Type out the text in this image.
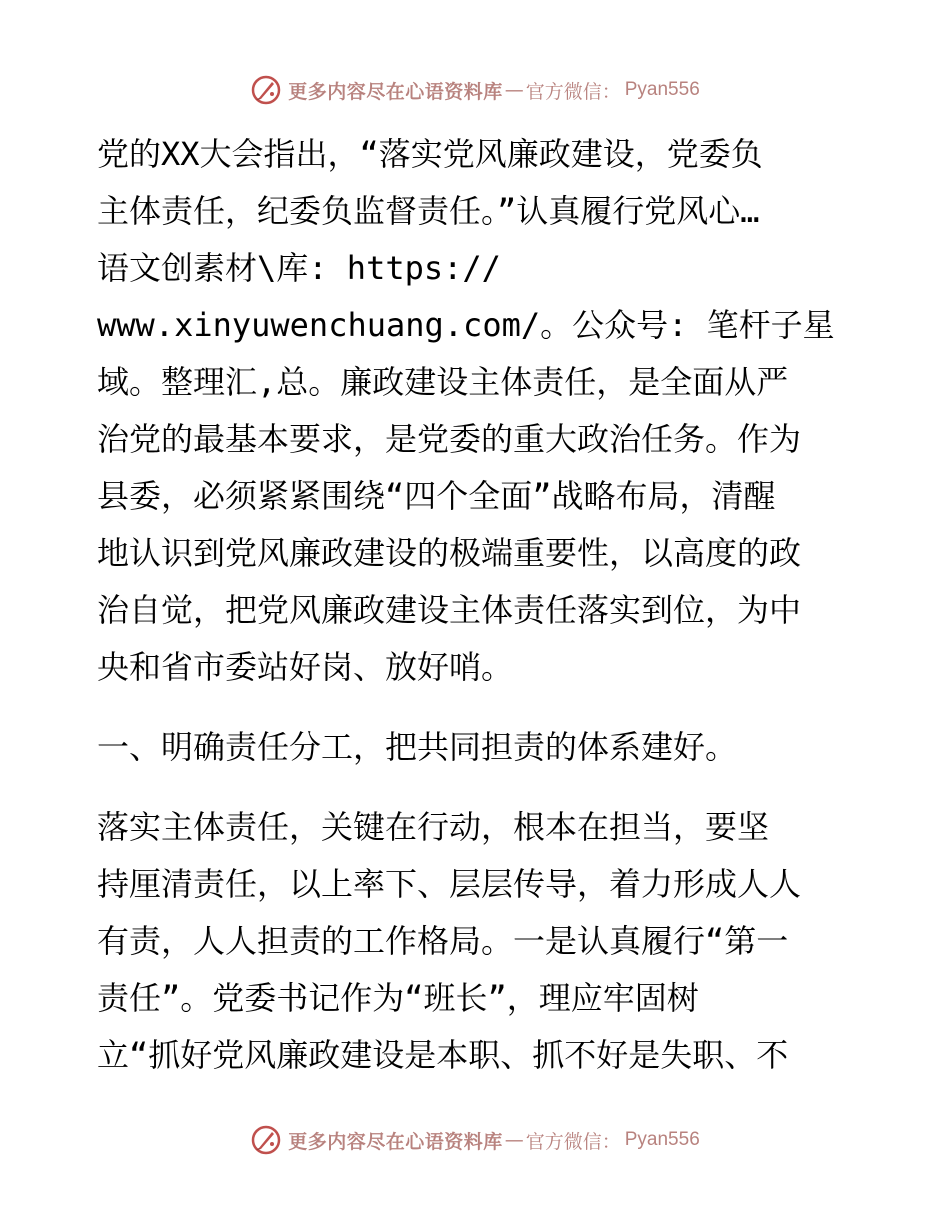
更多内容尽在心语资料库 — 官方微信： Pyan556
党的XX大会指出，“落实党风廉政建设，党委负
主体责任，纪委负监督责任。”认真履行党风心…
语文创素材\库: https://
www.xinyuwenchuang.com/。公众号: 笔杆子星
域。整理汇,总。廉政建设主体责任，是全面从严
治党的最基本要求，是党委的重大政治任务。作为
县委，必须紧紧围绕“四个全面”战略布局，清醒
地认识到党风廉政建设的极端重要性，以高度的政
治自觉，把党风廉政建设主体责任落实到位，为中
央和省市委站好岗、放好哨。
一、明确责任分工，把共同担责的体系建好。
落实主体责任，关键在行动，根本在担当，要坚
持厘清责任，以上率下、层层传导，着力形成人人
有责，人人担责的工作格局。一是认真履行“第一
责任”。党委书记作为“班长”，理应牢固树
立“抓好党风廉政建设是本职、抓不好是失职、不
更多内容尽在心语资料库 — 官方微信： Pyan556
